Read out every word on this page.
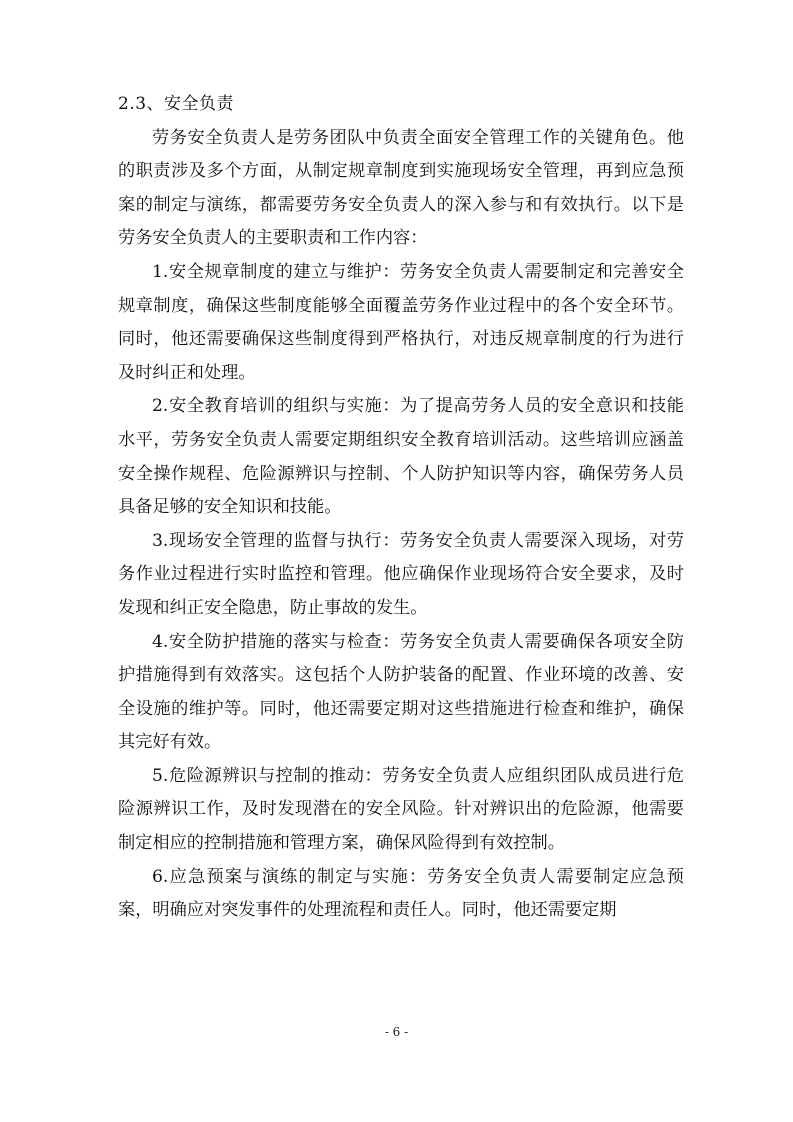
2.3、安全负责

劳务安全负责人是劳务团队中负责全面安全管理工作的关键角色。他的职责涉及多个方面，从制定规章制度到实施现场安全管理，再到应急预案的制定与演练，都需要劳务安全负责人的深入参与和有效执行。以下是劳务安全负责人的主要职责和工作内容：

1.安全规章制度的建立与维护：劳务安全负责人需要制定和完善安全规章制度，确保这些制度能够全面覆盖劳务作业过程中的各个安全环节。同时，他还需要确保这些制度得到严格执行，对违反规章制度的行为进行及时纠正和处理。

2.安全教育培训的组织与实施：为了提高劳务人员的安全意识和技能水平，劳务安全负责人需要定期组织安全教育培训活动。这些培训应涵盖安全操作规程、危险源辨识与控制、个人防护知识等内容，确保劳务人员具备足够的安全知识和技能。

3.现场安全管理的监督与执行：劳务安全负责人需要深入现场，对劳务作业过程进行实时监控和管理。他应确保作业现场符合安全要求，及时发现和纠正安全隐患，防止事故的发生。

4.安全防护措施的落实与检查：劳务安全负责人需要确保各项安全防护措施得到有效落实。这包括个人防护装备的配置、作业环境的改善、安全设施的维护等。同时，他还需要定期对这些措施进行检查和维护，确保其完好有效。

5.危险源辨识与控制的推动：劳务安全负责人应组织团队成员进行危险源辨识工作，及时发现潜在的安全风险。针对辨识出的危险源，他需要制定相应的控制措施和管理方案，确保风险得到有效控制。

6.应急预案与演练的制定与实施：劳务安全负责人需要制定应急预案，明确应对突发事件的处理流程和责任人。同时，他还需要定期

- 6 -
